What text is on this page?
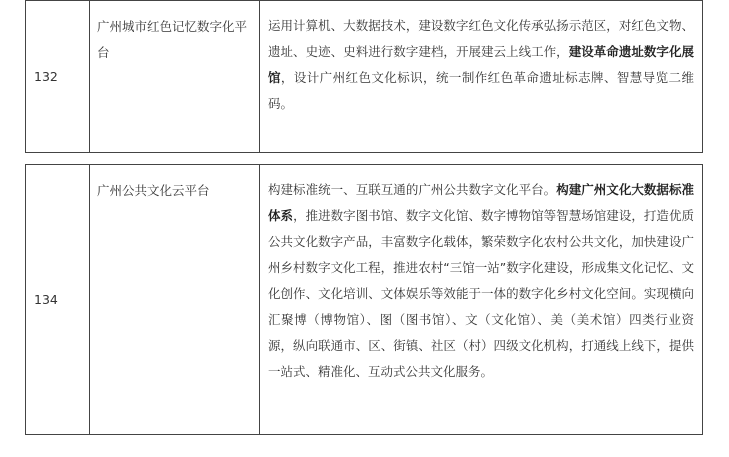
132	广州城市红色记忆数字化平台	运用计算机、大数据技术，建设数字红色文化传承弘扬示范区，对红色文物、遗址、史迹、史料进行数字建档，开展建云上线工作，建设革命遗址数字化展馆，设计广州红色文化标识，统一制作红色革命遗址标志牌、智慧导览二维码。
134	广州公共文化云平台	构建标准统一、互联互通的广州公共数字文化平台。构建广州文化大数据标准体系，推进数字图书馆、数字文化馆、数字博物馆等智慧场馆建设，打造优质公共文化数字产品，丰富数字化载体，繁荣数字化农村公共文化，加快建设广州乡村数字文化工程，推进农村“三馆一站”数字化建设，形成集文化记忆、文化创作、文化培训、文体娱乐等效能于一体的数字化乡村文化空间。实现横向汇聚博（博物馆）、图（图书馆）、文（文化馆）、美（美术馆）四类行业资源，纵向联通市、区、街镇、社区（村）四级文化机构，打通线上线下，提供一站式、精准化、互动式公共文化服务。
